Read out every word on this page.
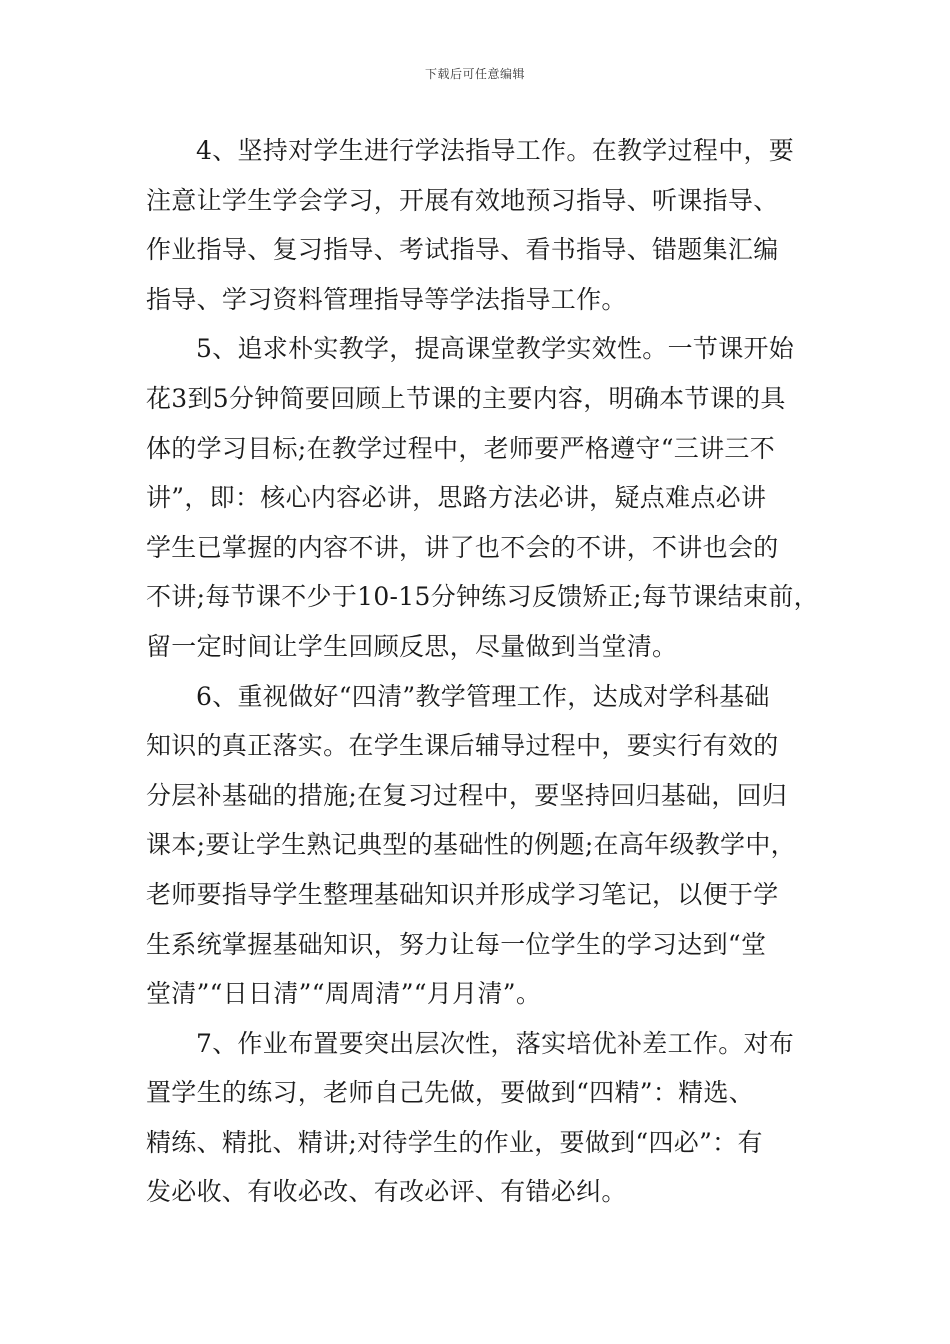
下载后可任意编辑
4、坚持对学生进行学法指导工作。在教学过程中，要
注意让学生学会学习，开展有效地预习指导、听课指导、
作业指导、复习指导、考试指导、看书指导、错题集汇编
指导、学习资料管理指导等学法指导工作。
5、追求朴实教学，提高课堂教学实效性。一节课开始
花3到5分钟简要回顾上节课的主要内容，明确本节课的具
体的学习目标;在教学过程中，老师要严格遵守“三讲三不
讲”，即：核心内容必讲，思路方法必讲，疑点难点必讲
学生已掌握的内容不讲，讲了也不会的不讲，不讲也会的
不讲;每节课不少于10-15分钟练习反馈矫正;每节课结束前，
留一定时间让学生回顾反思，尽量做到当堂清。
6、重视做好“四清”教学管理工作，达成对学科基础
知识的真正落实。在学生课后辅导过程中，要实行有效的
分层补基础的措施;在复习过程中，要坚持回归基础，回归
课本;要让学生熟记典型的基础性的例题;在高年级教学中，
老师要指导学生整理基础知识并形成学习笔记，以便于学
生系统掌握基础知识，努力让每一位学生的学习达到“堂
堂清”“日日清”“周周清”“月月清”。
7、作业布置要突出层次性，落实培优补差工作。对布
置学生的练习，老师自己先做，要做到“四精”：精选、
精练、精批、精讲;对待学生的作业，要做到“四必”：有
发必收、有收必改、有改必评、有错必纠。
